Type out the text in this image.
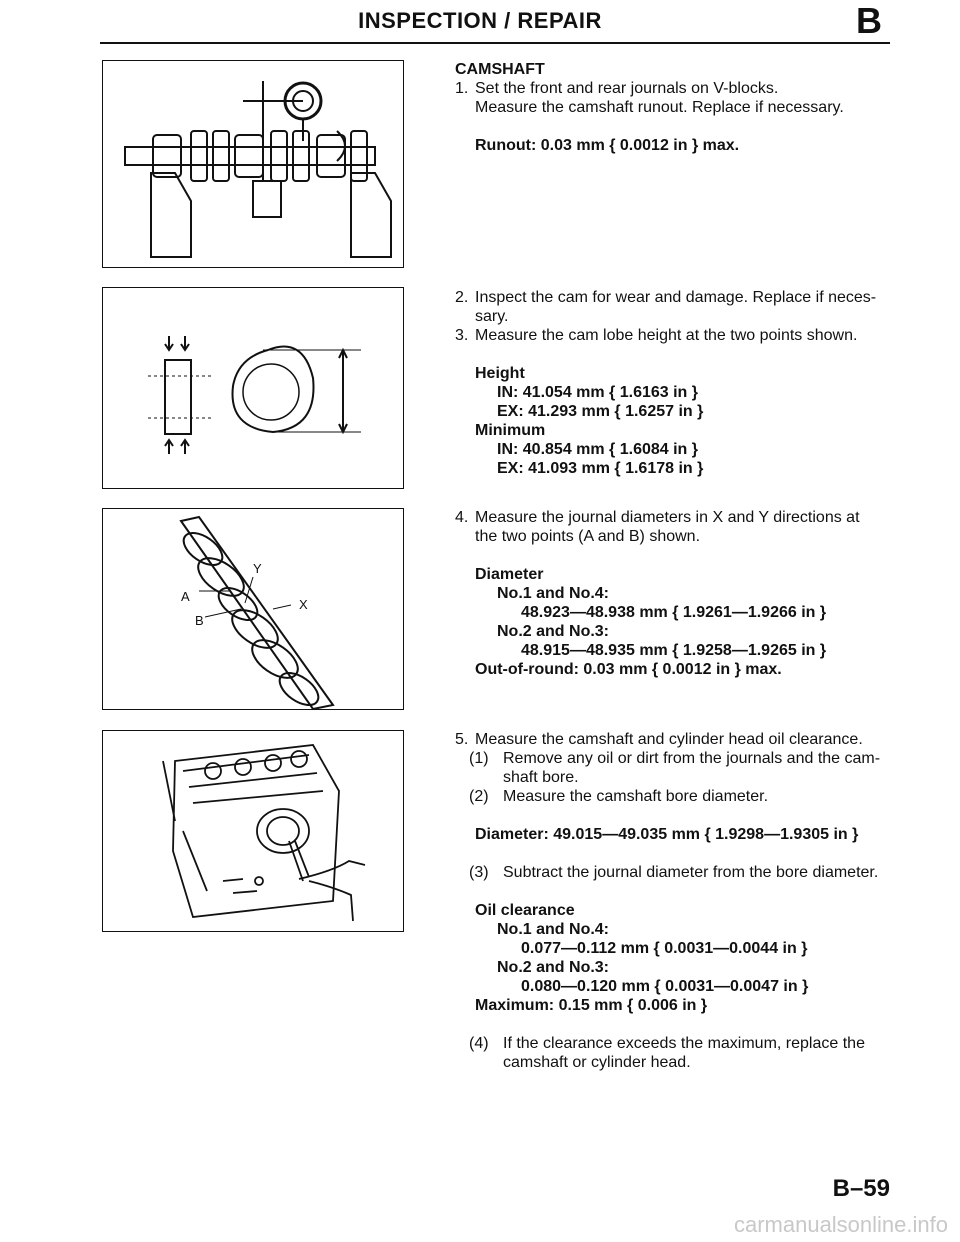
INSPECTION / REPAIR	B
Y
A
X
B
CAMSHAFT
1. Set the front and rear journals on V-blocks.
Measure the camshaft runout. Replace if necessary.
Runout: 0.03 mm { 0.0012 in } max.
2. Inspect the cam for wear and damage. Replace if neces-
sary.
3. Measure the cam lobe height at the two points shown.
Height
IN: 41.054 mm { 1.6163 in }
EX: 41.293 mm { 1.6257 in }
Minimum
IN: 40.854 mm { 1.6084 in }
EX: 41.093 mm { 1.6178 in }
4. Measure the journal diameters in X and Y directions at
the two points (A and B) shown.
Diameter
No.1 and No.4:
48.923—48.938 mm { 1.9261—1.9266 in }
No.2 and No.3:
48.915—48.935 mm { 1.9258—1.9265 in }
Out-of-round: 0.03 mm { 0.0012 in } max.
5. Measure the camshaft and cylinder head oil clearance.
(1) Remove any oil or dirt from the journals and the cam-
shaft bore.
(2) Measure the camshaft bore diameter.
Diameter: 49.015—49.035 mm { 1.9298—1.9305 in }
(3) Subtract the journal diameter from the bore diameter.
Oil clearance
No.1 and No.4:
0.077—0.112 mm { 0.0031—0.0044 in }
No.2 and No.3:
0.080—0.120 mm { 0.0031—0.0047 in }
Maximum: 0.15 mm { 0.006 in }
(4) If the clearance exceeds the maximum, replace the
camshaft or cylinder head.
B–59
carmanualsonline.info
